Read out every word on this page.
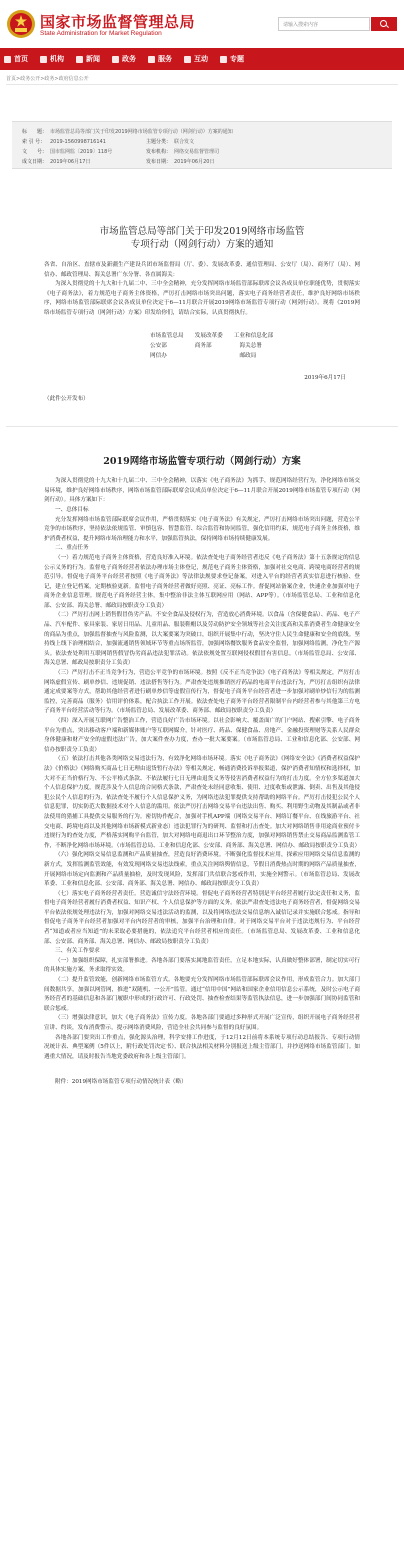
国家市场监督管理总局
State Administration for Market Regulation
请输入搜索内容
首页	机构	新闻	政务	服务	互动	专题
首页>政务公开>政务>政府信息公开
标　　题： 市场监管总局等部门关于印发2019网络市场监管专项行动（网剑行动）方案的通知
索 引 号： 2019-1560998716141	主题分类： 联合发文
文　　号： 国市监网监〔2019〕118号	发布机构： 网络交易监督管理司
成文日期： 2019年06月17日	发布日期： 2019年06月20日
市场监管总局等部门关于印发2019网络市场监管
专项行动（网剑行动）方案的通知

各省、自治区、直辖市及新疆生产建设兵团市场监督局（厅、委）、发展改革委、通信管理局、公安厅（局）、商务厅（局）、网信办、邮政管理局、海关总署广东分署、各直属海关：

为深入贯彻党的十九大和十九届二中、三中全会精神，充分发挥网络市场监管部际联席会议各成员单位职能优势，贯彻落实《电子商务法》，着力规范电子商务主体资格，严厉打击网络市场突出问题，落实电子商务经营者责任，维护良好网络市场秩序，网络市场监管部际联席会议各成员单位决定于6—11月联合开展2019网络市场监管专项行动（网剑行动）。现将《2019网络市场监管专项行动（网剑行动）方案》印发给你们，请结合实际，认真贯彻执行。

市场监管总局　　发展改革委　　工业和信息化部
公安部　　　　　商务部　　　　　海关总署
网信办　　　　　　　　　　　　　邮政局
2019年6月17日
（此件公开发布）
2019网络市场监管专项行动（网剑行动）方案

为深入贯彻党的十九大和十九届二中、三中全会精神，以落实《电子商务法》为抓手，规范网络经营行为，净化网络市场交易环境，维护良好网络市场秩序，网络市场监管部际联席会议成员单位决定于6—11月联合开展2019网络市场监管专项行动（网剑行动）。具体方案如下：

一、总体目标

充分发挥网络市场监管部际联席会议作用，严格贯彻落实《电子商务法》有关规定，严厉打击网络市场突出问题，营造公平竞争的市场秩序，坚持依法依规监管、审慎包容、智慧监管、综合监管和协同监管，强化信用约束，规范电子商务主体资格，维护消费者权益，提升网络市场治理能力和水平，加强监管执法，保持网络市场持续健康发展。

二、重点任务

（一）着力规范电子商务主体资格，营造良好准入环境。依法查处电子商务经营者违反《电子商务法》第十五条规定的信息公示义务的行为。监督电子商务经营者依法办理市场主体登记，规范电子商务主体资格，加强对社交电商、跨境电商经营者的规范引导。督促电子商务平台经营者按照《电子商务法》等法律法规要求登记备案，对进入平台的经营者真实信息进行核验、登记，建立登记档案，定期核验更新。监督电子商务经营者做好亮照、亮证、亮标工作。督促网站备案企业，快速企业加强对电子商务企业信息管理。规范电子商务经营主体，集中整治非法主体互联网应用（网站、APP等）。（市场监管总局、工业和信息化部、公安部、海关总署、邮政局按职责分工负责）

（二）严厉打击网上销售假冒伪劣产品。不安全食品及侵权行为，营造放心消费环境。以食品（含保健食品）、药品、电子产品、汽车配件、家具家装、家居日用品、儿童用品、服装鞋帽以及劳动防护安全领域等社会关注度高和关系消费者生命健康安全的商品为重点，加强监督抽查与风险监测，以大案要案为突破口，组织开展集中行动，坚决守住人民生命健康和安全的底线。坚持线上线下治理相结合，加强流通销售领域环节等重点场所监管，加强网络餐饮服务食品安全监督，加强网络监测，净化生产源头。依法查处利用互联网销售假冒伪劣商品违法犯罪活动。依法依规处置互联网侵权假冒有害信息。（市场监管总局、公安部、海关总署、邮政局按职责分工负责）

（三）严厉打击不正当竞争行为，营造公平竞争的市场环境。按照《反不正当竞争法》《电子商务法》等相关规定，严厉打击网络虚假宣传、刷单炒信、违规促销、违法搭售等行为。严肃查处违规推销医疗药品的电商平台违法行为，严厉打击组织有法律通定成要案等方式，帮助其他经营者进行刷单炒信等虚假宣传行为，督促电子商务平台经营者进一步加强对刷单炒信行为的监测监控，完善商品（服务）信用评价体系，配合执法工作开展。依法查处电子商务平台经营者限制平台内经营者参与其他第三方电子商务平台经营活动等行为。（市场监管总局、发展改革委、商务部、邮政局按职责分工负责）

（四）深入开展互联网广告整治工作，营造良好广告市场环境。以社会影响大、覆盖面广的门户网站、搜索引擎、电子商务平台为重点，突出移动客户端和新媒体账户等互联网媒介，针对医疗、药品、保健食品、房地产、金融投资理财等关系人民群众身体健康和财产安全的虚假违法广告，加大案件查办力度，查办一批大案要案。（市场监管总局、工业和信息化部、公安部、网信办按职责分工负责）

（五）依法打击其他各类网络交易违法行为，有效净化网络市场环境。落实《电子商务法》《网络安全法》《消费者权益保护法》《价格法》《网络购买商品七日无理由退货暂行办法》等相关规定，畅通消费投诉举报渠道，保护消费者知情权和选择权，加大对不正当价格行为、不公平格式条款、不依法履行七日无理由退货义务等侵害消费者权益行为的打击力度。全方位多渠道加大个人信息保护力度，规范涉及个人信息的合同格式条款，严肃查处未经同意收集、使用、过度收集或泄露、倒卖、出售及其他侵犯公民个人信息的行为，依法查处不履行个人信息保护义务，为网络违法犯罪提供支持帮助的网络平台。严厉打击侵犯公民个人信息犯罪，切实防范大数据技术对个人信息的滥用。依法严厉打击网络交易平台违法出售、购买、利用野生动物及其制品或者非法使用的猎捕工具提供交易服务的行为。密切协作配合，加强对手机APP端（网络交易平台、网络订餐平台、在线旅游平台、社交电商、跨境电商以及其他网络市场新模式新业态）违法犯罪行为的研判、监督和打击查处。加大对网络销售非用途商业预付卡违规行为的查处力度，严格落实网购平台监管，加大对网络电商退出口环节整治力度，加强对网络销售禁止交易商品监测监管工作，不断净化网络市场环境。（市场监管总局、工业和信息化部、公安部、商务部、海关总署、网信办、邮政局按职责分工负责）

（六）强化网络交易信息监测和产品质量抽查，营造良好消费环境。不断强化监督技术应用，探索应用网络交易信息监测的新方式，发挥监测监管效能，有效发现网络交易违法线索，重点关注网络舆情信息，节假日消费热点时期的网络产品质量抽查，开展网络市场定向监测和产品质量抽检，及时发现风险，发挥部门共信联合惩戒作用，实施全网警示。（市场监管总局、发展改革委、工业和信息化部、公安部、商务部、海关总署、网信办、邮政局按职责分工负责）

（七）落实电子商务经营者责任。营造诚信守法经营环境。督促电子商务经营者特别是平台经营者履行法定责任和义务，监督电子商务经营者履行消费者权益、知识产权、个人信息保护等方面的义务。依法严肃查处违法电子商务经营者，督促网络交易平台依法依规处理违法行为，加强对网络交易违法活动的监测，以及将网络违法交易信息纳入诚信记录并实施联合惩戒。指导和督促电子商务平台经营者加强对平台内经营者的审核，加强平台治理和自律。对于网络交易平台对于违法违规行为、平台经营者“知道或者应当知道”的未采取必要措施的，依法追究平台经营者相应的责任。（市场监管总局、发展改革委、工业和信息化部、公安部、商务部、海关总署、网信办、邮政局按职责分工负责）

三、有关工作要求

（一）加强组织保障，扎实部署推进。各地各部门要落实属地监管责任，立足本地实际，认真做好整体部署，制定切实可行的具体实施方案，务求取得实效。

（二）提升监管效能，创新网络市场监管方式。各地要充分发挥网络市场监管部际联席会议作用，形成监管合力。加大部门间数据共享，加强以网管网，推进“双随机、一公开”监管。通过“信用中国”网站和国家企业信用信息公示系统，及时公示电子商务经营者的基础信息和各部门履职中形成的行政许可、行政处罚、抽查检查结果等监管执法信息，进一步加强部门间协同监管和联合惩戒。

（三）增强法律意识，加大《电子商务法》宣传力度。各地各部门要通过多种形式开展广泛宣传，组织开展电子商务经营者宣讲、约谈，发布消费警示，提示网络消费风险，营造全社会共同参与监督的良好氛围。

各地各部门要突出工作重点，强化源头治理，科学安排工作进度，于12月12日前将本系统专项行动总结报告、专项行动情况统计表、典型案例（5件以上，附行政处罚决定书）、联合执法相关材料分别报送上级主管部门，并抄送网络市场监管部门。如遇重大情况，请及时报告当地党委政府和各上级主管部门。

附件：2019网络市场监管专项行动情况统计表（略）
